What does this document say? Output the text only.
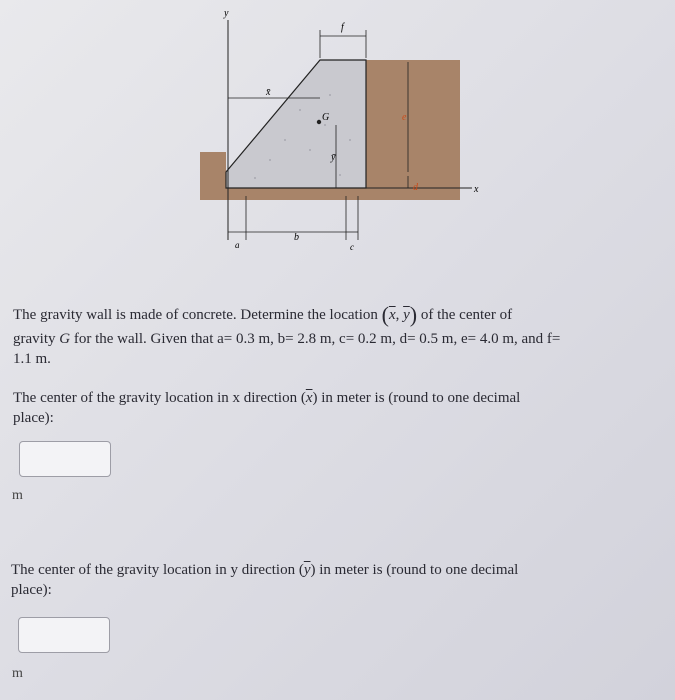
y
x
f
x̄
G
ȳ
e
d
a
b
c
The gravity wall is made of concrete. Determine the location ($\overline{x}$, $\overline{y}$) of the center of
gravity G for the wall. Given that a= 0.3 m, b= 2.8 m, c= 0.2 m, d= 0.5 m, e= 4.0 m, and f=
1.1 m.
The center of the gravity location in x direction $(\overline{x})$ in meter is (round to one decimal
place):
m
The center of the gravity location in y direction $(\overline{y})$ in meter is (round to one decimal
place):
m
